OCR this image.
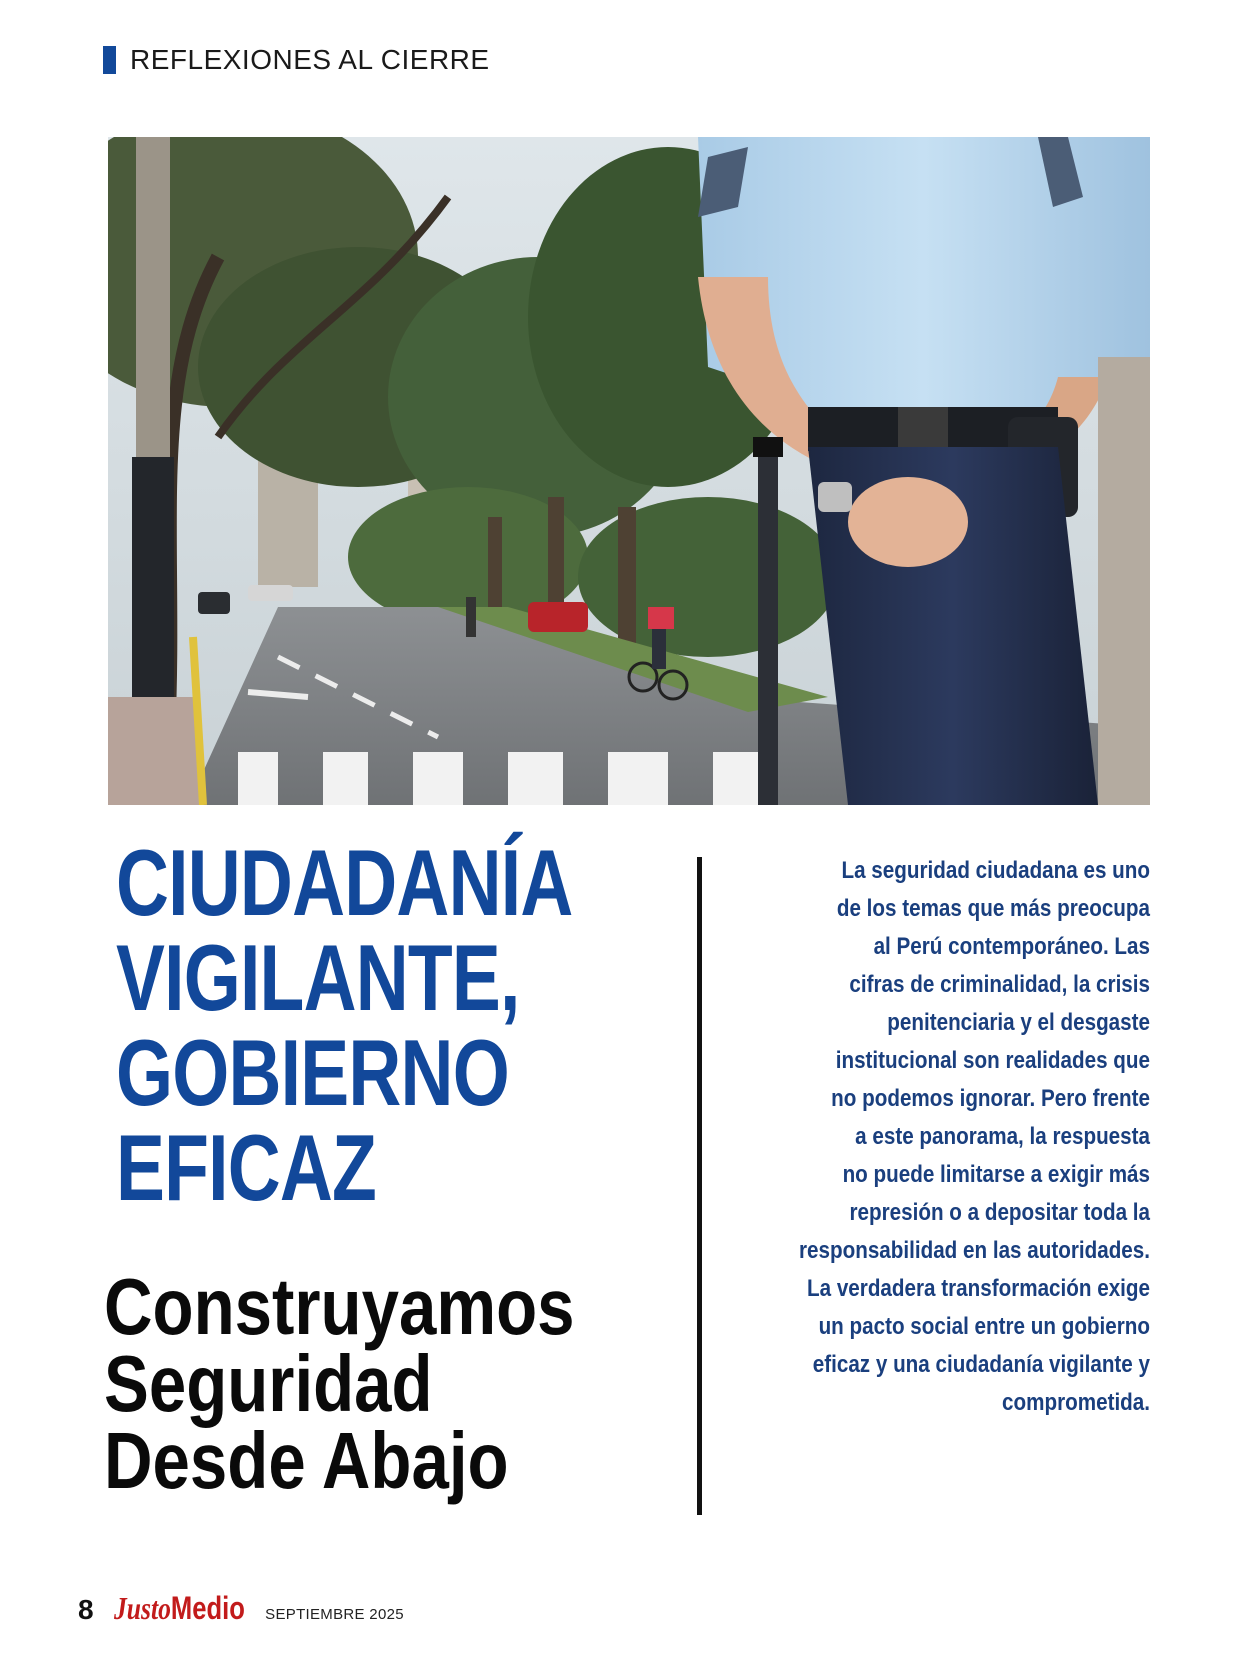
REFLEXIONES AL CIERRE
CIUDADANÍA
VIGILANTE,
GOBIERNO
EFICAZ
Construyamos
Seguridad
Desde Abajo
La seguridad ciudadana es uno
de los temas que más preocupa
al Perú contemporáneo. Las
cifras de criminalidad, la crisis
penitenciaria y el desgaste
institucional son realidades que
no podemos ignorar. Pero frente
a este panorama, la respuesta
no puede limitarse a exigir más
represión o a depositar toda la
responsabilidad en las autoridades.
La verdadera transformación exige
un pacto social entre un gobierno
eficaz y una ciudadanía vigilante y
comprometida.
8 Justo Medio SEPTIEMBRE 2025
